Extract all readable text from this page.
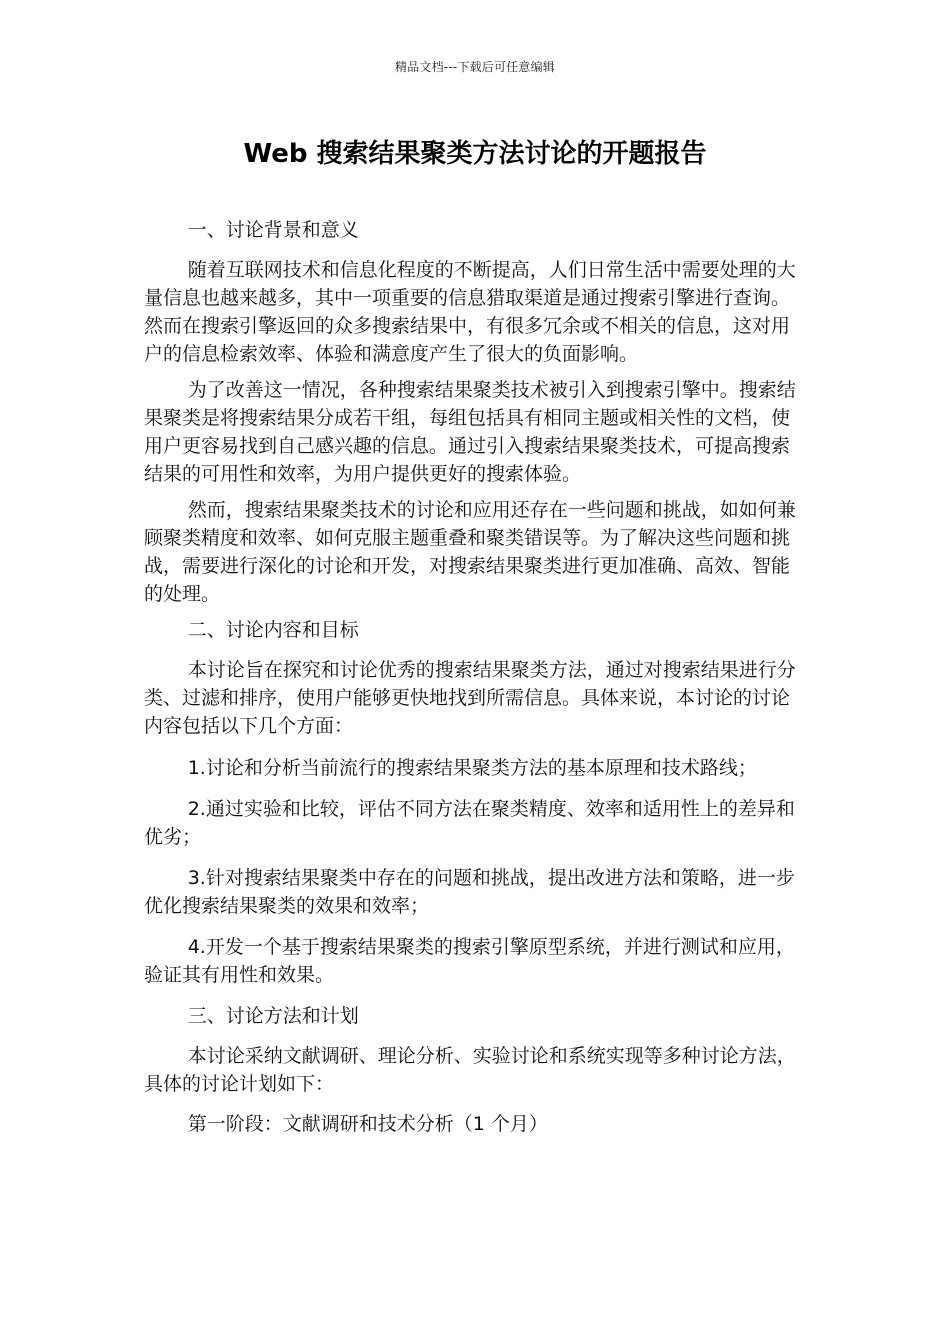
精品文档---下载后可任意编辑
Web 搜索结果聚类方法讨论的开题报告

一、讨论背景和意义

随着互联网技术和信息化程度的不断提高，人们日常生活中需要处理的大量信息也越来越多，其中一项重要的信息猎取渠道是通过搜索引擎进行查询。然而在搜索引擎返回的众多搜索结果中，有很多冗余或不相关的信息，这对用户的信息检索效率、体验和满意度产生了很大的负面影响。

为了改善这一情况，各种搜索结果聚类技术被引入到搜索引擎中。搜索结果聚类是将搜索结果分成若干组，每组包括具有相同主题或相关性的文档，使用户更容易找到自己感兴趣的信息。通过引入搜索结果聚类技术，可提高搜索结果的可用性和效率，为用户提供更好的搜索体验。

然而，搜索结果聚类技术的讨论和应用还存在一些问题和挑战，如如何兼顾聚类精度和效率、如何克服主题重叠和聚类错误等。为了解决这些问题和挑战，需要进行深化的讨论和开发，对搜索结果聚类进行更加准确、高效、智能的处理。

二、讨论内容和目标

本讨论旨在探究和讨论优秀的搜索结果聚类方法，通过对搜索结果进行分类、过滤和排序，使用户能够更快地找到所需信息。具体来说，本讨论的讨论内容包括以下几个方面：

1.讨论和分析当前流行的搜索结果聚类方法的基本原理和技术路线；

2.通过实验和比较，评估不同方法在聚类精度、效率和适用性上的差异和优劣；

3.针对搜索结果聚类中存在的问题和挑战，提出改进方法和策略，进一步优化搜索结果聚类的效果和效率；

4.开发一个基于搜索结果聚类的搜索引擎原型系统，并进行测试和应用，验证其有用性和效果。

三、讨论方法和计划

本讨论采纳文献调研、理论分析、实验讨论和系统实现等多种讨论方法，具体的讨论计划如下：

第一阶段：文献调研和技术分析（1 个月）
